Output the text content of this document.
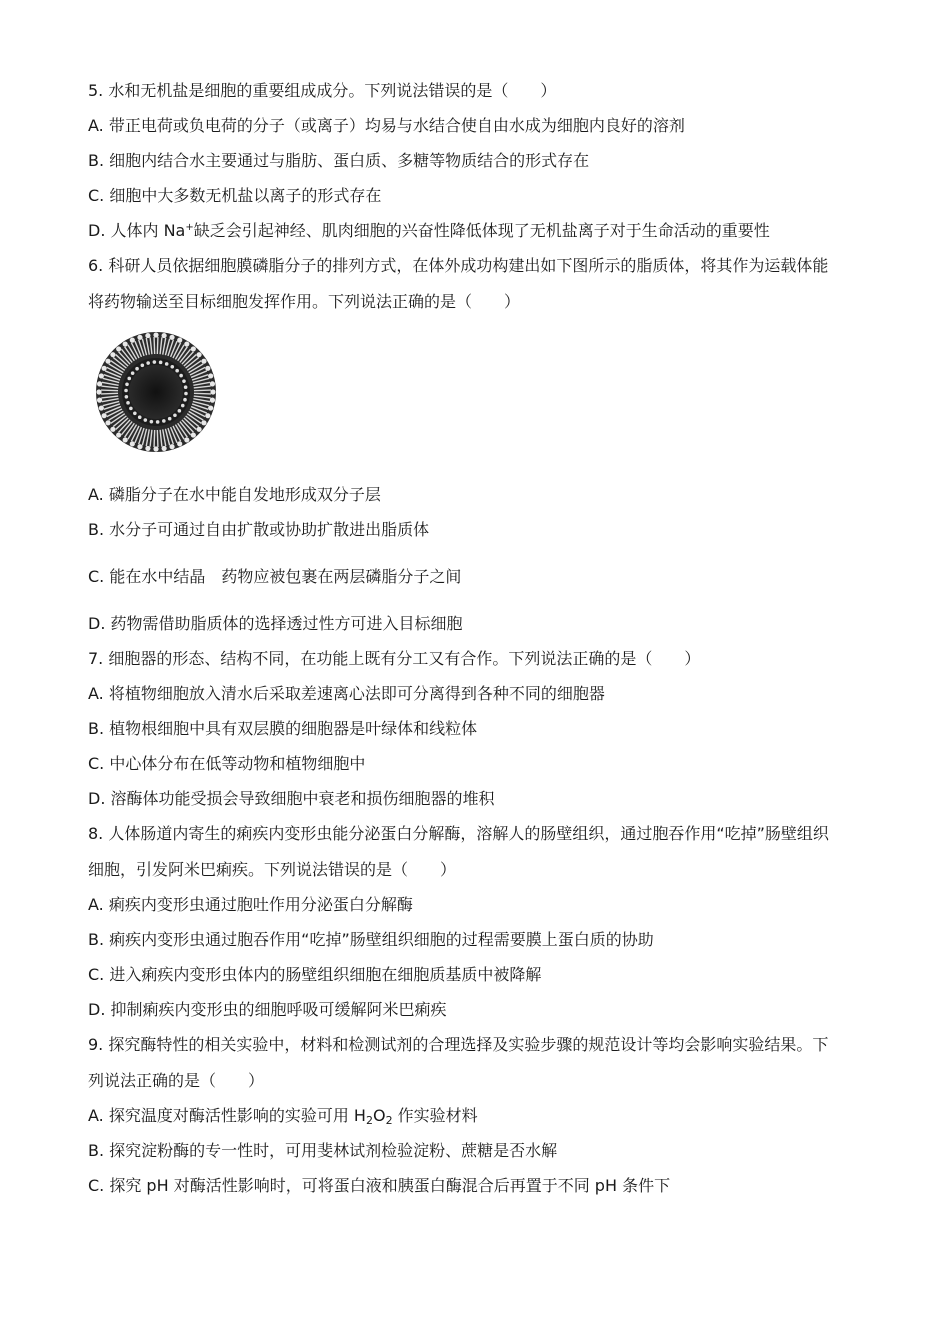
5. 水和无机盐是细胞的重要组成成分。下列说法错误的是（　　）
A. 带正电荷或负电荷的分子（或离子）均易与水结合使自由水成为细胞内良好的溶剂
B. 细胞内结合水主要通过与脂肪、蛋白质、多糖等物质结合的形式存在
C. 细胞中大多数无机盐以离子的形式存在
D. 人体内 Na+缺乏会引起神经、肌肉细胞的兴奋性降低体现了无机盐离子对于生命活动的重要性
6. 科研人员依据细胞膜磷脂分子的排列方式，在体外成功构建出如下图所示的脂质体，将其作为运载体能
将药物输送至目标细胞发挥作用。下列说法正确的是（　　）
A. 磷脂分子在水中能自发地形成双分子层
B. 水分子可通过自由扩散或协助扩散进出脂质体
C. 能在水中结晶　药物应被包裹在两层磷脂分子之间
D. 药物需借助脂质体的选择透过性方可进入目标细胞
7. 细胞器的形态、结构不同，在功能上既有分工又有合作。下列说法正确的是（　　）
A. 将植物细胞放入清水后采取差速离心法即可分离得到各种不同的细胞器
B. 植物根细胞中具有双层膜的细胞器是叶绿体和线粒体
C. 中心体分布在低等动物和植物细胞中
D. 溶酶体功能受损会导致细胞中衰老和损伤细胞器的堆积
8. 人体肠道内寄生的痢疾内变形虫能分泌蛋白分解酶，溶解人的肠壁组织，通过胞吞作用“吃掉”肠壁组织
细胞，引发阿米巴痢疾。下列说法错误的是（　　）
A. 痢疾内变形虫通过胞吐作用分泌蛋白分解酶
B. 痢疾内变形虫通过胞吞作用“吃掉”肠壁组织细胞的过程需要膜上蛋白质的协助
C. 进入痢疾内变形虫体内的肠壁组织细胞在细胞质基质中被降解
D. 抑制痢疾内变形虫的细胞呼吸可缓解阿米巴痢疾
9. 探究酶特性的相关实验中，材料和检测试剂的合理选择及实验步骤的规范设计等均会影响实验结果。下
列说法正确的是（　　）
A. 探究温度对酶活性影响的实验可用 $H_2O_2$ 作实验材料
B. 探究淀粉酶的专一性时，可用斐林试剂检验淀粉、蔗糖是否水解
C. 探究 pH 对酶活性影响时，可将蛋白液和胰蛋白酶混合后再置于不同 pH 条件下
